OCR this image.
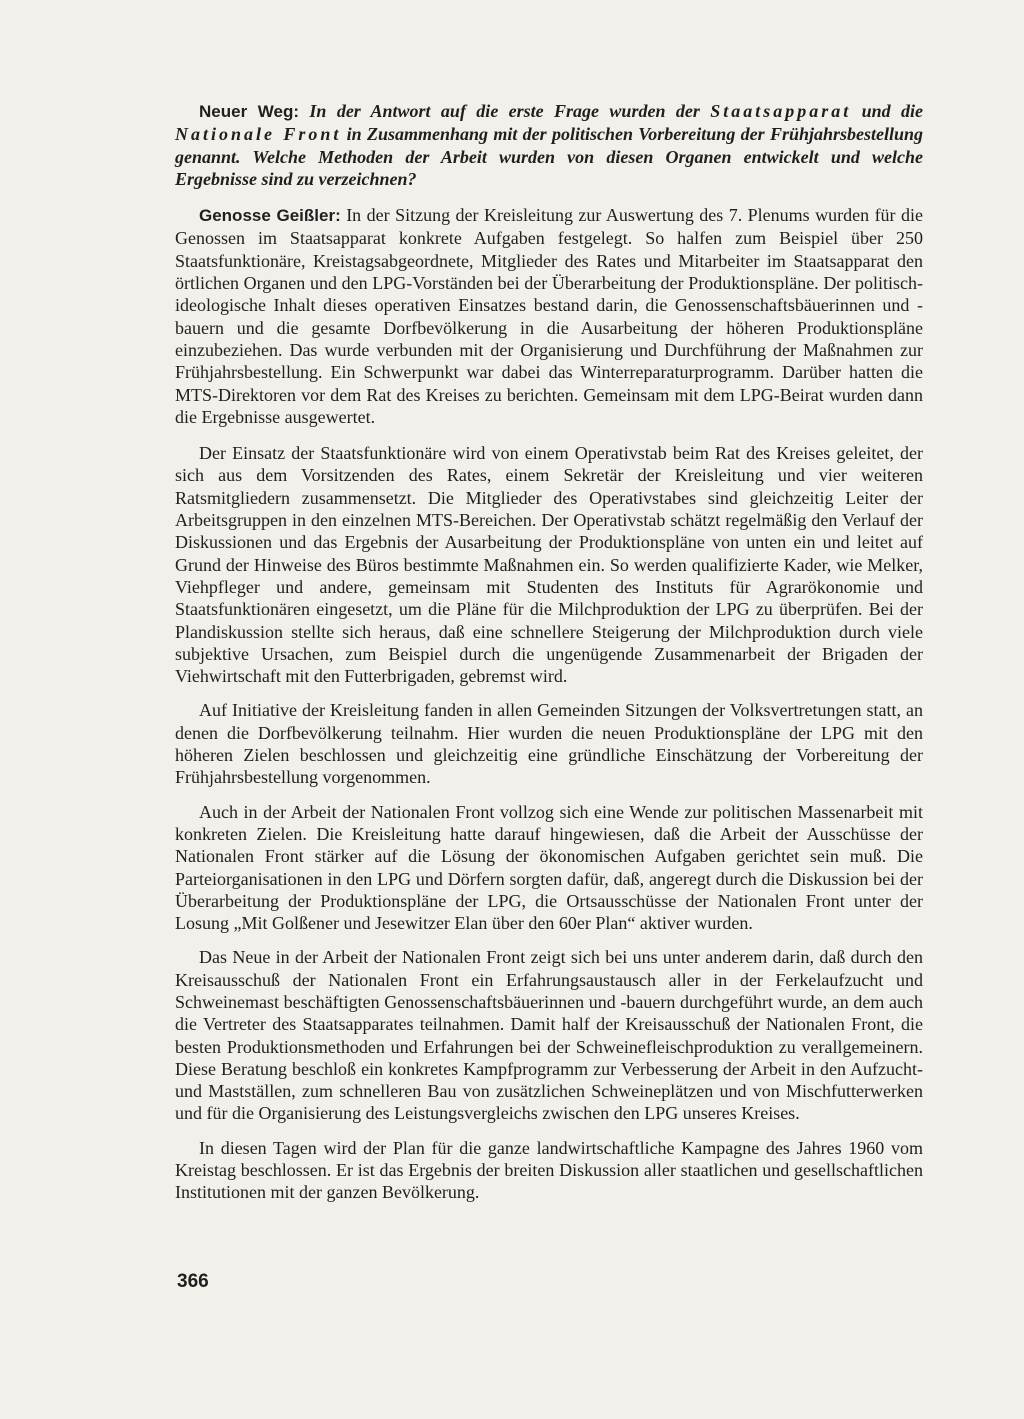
Neuer Weg: In der Antwort auf die erste Frage wurden der Staatsapparat und die Nationale Front in Zusammenhang mit der politischen Vorbereitung der Frühjahrsbestellung genannt. Welche Methoden der Arbeit wurden von diesen Organen entwickelt und welche Ergebnisse sind zu verzeichnen?

Genosse Geißler: In der Sitzung der Kreisleitung zur Auswertung des 7. Plenums wurden für die Genossen im Staatsapparat konkrete Aufgaben festgelegt. So halfen zum Beispiel über 250 Staatsfunktionäre, Kreistagsabgeordnete, Mitglieder des Rates und Mitarbeiter im Staatsapparat den örtlichen Organen und den LPG-Vorständen bei der Überarbeitung der Produktionspläne. Der politisch-ideologische Inhalt dieses operativen Einsatzes bestand darin, die Genossenschaftsbäuerinnen und -bauern und die gesamte Dorfbevölkerung in die Ausarbeitung der höheren Produktionspläne einzubeziehen. Das wurde verbunden mit der Organisierung und Durchführung der Maßnahmen zur Frühjahrsbestellung. Ein Schwerpunkt war dabei das Winterreparaturprogramm. Darüber hatten die MTS-Direktoren vor dem Rat des Kreises zu berichten. Gemeinsam mit dem LPG-Beirat wurden dann die Ergebnisse ausgewertet.

Der Einsatz der Staatsfunktionäre wird von einem Operativstab beim Rat des Kreises geleitet, der sich aus dem Vorsitzenden des Rates, einem Sekretär der Kreisleitung und vier weiteren Ratsmitgliedern zusammensetzt. Die Mitglieder des Operativstabes sind gleichzeitig Leiter der Arbeitsgruppen in den einzelnen MTS-Bereichen. Der Operativstab schätzt regelmäßig den Verlauf der Diskussionen und das Ergebnis der Ausarbeitung der Produktionspläne von unten ein und leitet auf Grund der Hinweise des Büros bestimmte Maßnahmen ein. So werden qualifizierte Kader, wie Melker, Viehpfleger und andere, gemeinsam mit Studenten des Instituts für Agrarökonomie und Staatsfunktionären eingesetzt, um die Pläne für die Milchproduktion der LPG zu überprüfen. Bei der Plandiskussion stellte sich heraus, daß eine schnellere Steigerung der Milchproduktion durch viele subjektive Ursachen, zum Beispiel durch die ungenügende Zusammenarbeit der Brigaden der Viehwirtschaft mit den Futterbrigaden, gebremst wird.

Auf Initiative der Kreisleitung fanden in allen Gemeinden Sitzungen der Volksvertretungen statt, an denen die Dorfbevölkerung teilnahm. Hier wurden die neuen Produktionspläne der LPG mit den höheren Zielen beschlossen und gleichzeitig eine gründliche Einschätzung der Vorbereitung der Frühjahrsbestellung vorgenommen.

Auch in der Arbeit der Nationalen Front vollzog sich eine Wende zur politischen Massenarbeit mit konkreten Zielen. Die Kreisleitung hatte darauf hingewiesen, daß die Arbeit der Ausschüsse der Nationalen Front stärker auf die Lösung der ökonomischen Aufgaben gerichtet sein muß. Die Parteiorganisationen in den LPG und Dörfern sorgten dafür, daß, angeregt durch die Diskussion bei der Überarbeitung der Produktionspläne der LPG, die Ortsausschüsse der Nationalen Front unter der Losung „Mit Golßener und Jesewitzer Elan über den 60er Plan“ aktiver wurden.

Das Neue in der Arbeit der Nationalen Front zeigt sich bei uns unter anderem darin, daß durch den Kreisausschuß der Nationalen Front ein Erfahrungsaustausch aller in der Ferkelaufzucht und Schweinemast beschäftigten Genossenschaftsbäuerinnen und -bauern durchgeführt wurde, an dem auch die Vertreter des Staatsapparates teilnahmen. Damit half der Kreisausschuß der Nationalen Front, die besten Produktionsmethoden und Erfahrungen bei der Schweinefleischproduktion zu verallgemeinern. Diese Beratung beschloß ein konkretes Kampfprogramm zur Verbesserung der Arbeit in den Aufzucht- und Mastställen, zum schnelleren Bau von zusätzlichen Schweineplätzen und von Mischfutterwerken und für die Organisierung des Leistungsvergleichs zwischen den LPG unseres Kreises.

In diesen Tagen wird der Plan für die ganze landwirtschaftliche Kampagne des Jahres 1960 vom Kreistag beschlossen. Er ist das Ergebnis der breiten Diskussion aller staatlichen und gesellschaftlichen Institutionen mit der ganzen Bevölkerung.

366
